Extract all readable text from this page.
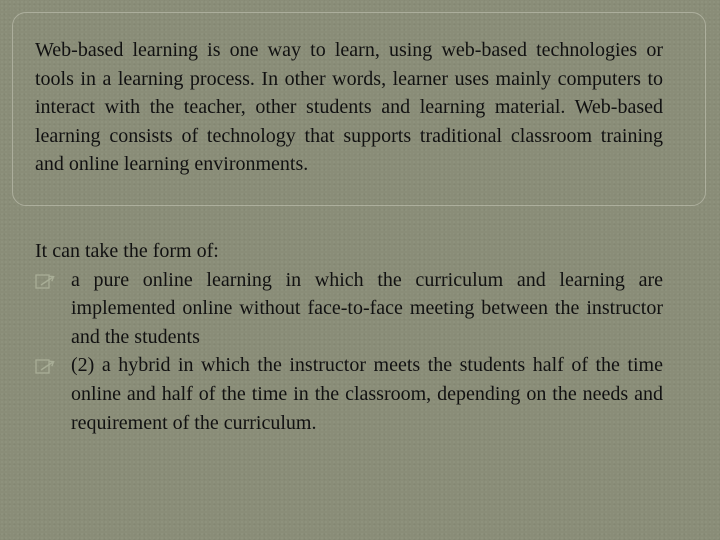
Web-based learning is one way to learn, using web-based technologies or tools in a learning process. In other words, learner uses mainly computers to interact with the teacher, other students and learning material. Web-based learning consists of technology that supports traditional classroom training and online learning environments.

It can take the form of:

a pure online learning in which the curriculum and learning are implemented online without face-to-face meeting between the instructor and the students
(2) a hybrid in which the instructor meets the students half of the time online and half of the time in the classroom, depending on the needs and requirement of the curriculum.
